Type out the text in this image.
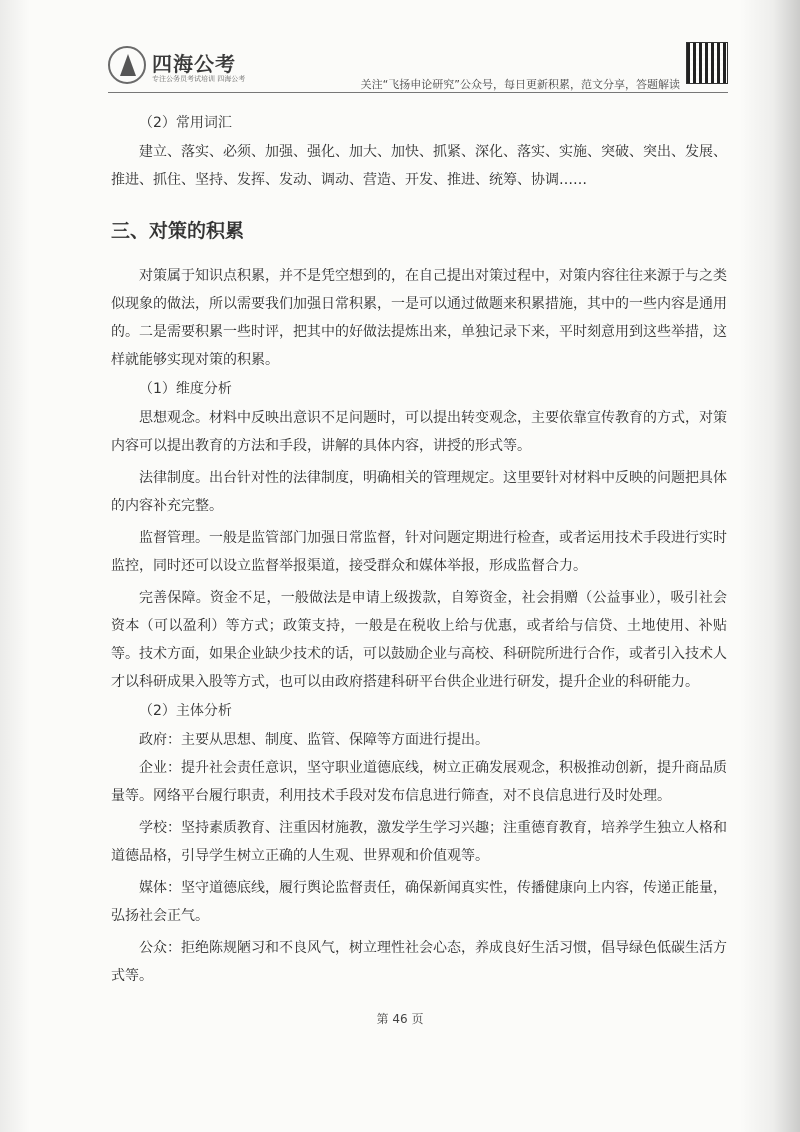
四海公考
专注公务员考试培训 四海公考	关注“飞扬申论研究”公众号，每日更新积累，范文分享，答题解读

（2）常用词汇

建立、落实、必须、加强、强化、加大、加快、抓紧、深化、落实、实施、突破、突出、发展、推进、抓住、坚持、发挥、发动、调动、营造、开发、推进、统筹、协调……

三、对策的积累

对策属于知识点积累，并不是凭空想到的，在自己提出对策过程中，对策内容往往来源于与之类似现象的做法，所以需要我们加强日常积累，一是可以通过做题来积累措施，其中的一些内容是通用的。二是需要积累一些时评，把其中的好做法提炼出来，单独记录下来，平时刻意用到这些举措，这样就能够实现对策的积累。

（1）维度分析

思想观念。材料中反映出意识不足问题时，可以提出转变观念，主要依靠宣传教育的方式，对策内容可以提出教育的方法和手段，讲解的具体内容，讲授的形式等。

法律制度。出台针对性的法律制度，明确相关的管理规定。这里要针对材料中反映的问题把具体的内容补充完整。

监督管理。一般是监管部门加强日常监督，针对问题定期进行检查，或者运用技术手段进行实时监控，同时还可以设立监督举报渠道，接受群众和媒体举报，形成监督合力。

完善保障。资金不足，一般做法是申请上级拨款，自筹资金，社会捐赠（公益事业），吸引社会资本（可以盈利）等方式；政策支持，一般是在税收上给与优惠，或者给与信贷、土地使用、补贴等。技术方面，如果企业缺少技术的话，可以鼓励企业与高校、科研院所进行合作，或者引入技术人才以科研成果入股等方式，也可以由政府搭建科研平台供企业进行研发，提升企业的科研能力。

（2）主体分析

政府：主要从思想、制度、监管、保障等方面进行提出。

企业：提升社会责任意识，坚守职业道德底线，树立正确发展观念，积极推动创新，提升商品质量等。网络平台履行职责，利用技术手段对发布信息进行筛查，对不良信息进行及时处理。

学校：坚持素质教育、注重因材施教，激发学生学习兴趣；注重德育教育，培养学生独立人格和道德品格，引导学生树立正确的人生观、世界观和价值观等。

媒体：坚守道德底线，履行舆论监督责任，确保新闻真实性，传播健康向上内容，传递正能量，弘扬社会正气。

公众：拒绝陈规陋习和不良风气，树立理性社会心态，养成良好生活习惯，倡导绿色低碳生活方式等。

第 46 页
